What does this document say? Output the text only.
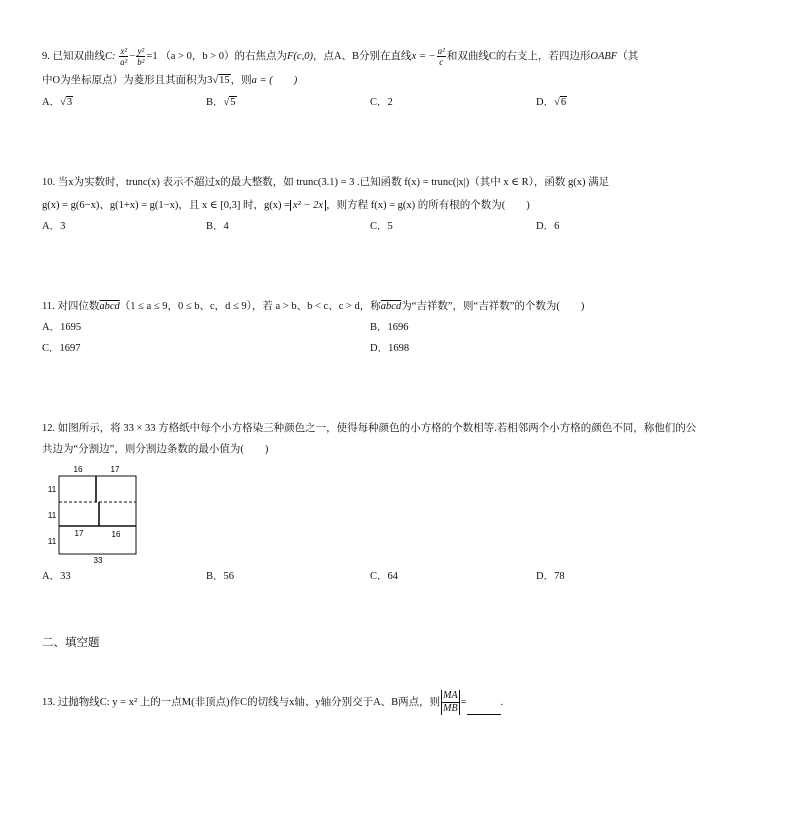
9. 已知双曲线C: $\frac{\text{x²}}{\text{a²}} - \frac{\text{y²}}{\text{b²}} =1$ （a > 0，b > 0）的右焦点为F(c,0)，点A、B分别在直线x = − $\frac{\text{a²}}{c}$ 和双曲线C的右支上，若四边形OABF（其
中O为坐标原点）为菱形且其面积为3√15，则a = (　　)
A．√3	B．√5	C．2	D．√6
10. 当x为实数时，trunc(x) 表示不超过x的最大整数，如 trunc(3.1) = 3 .已知函数 f(x) = trunc(|x|)（其中 x ∈ R），函数 g(x) 满足
g(x) = g(6−x)、g(1+x) = g(1−x)，且 x ∈ [0,3] 时，g(x) = x² − 2x ，则方程 f(x) = g(x) 的所有根的个数为(　　)
A．3	B．4	C．5	D．6
11. 对四位数abcd（1 ≤ a ≤ 9，0 ≤ b、c，d ≤ 9），若 a > b、b < c、c > d，称abcd为“吉祥数”，则“吉祥数”的个数为(　　)
A．1695	B．1696
C．1697	D．1698
12. 如图所示，将 33 × 33 方格纸中每个小方格染三种颜色之一，使得每种颜色的小方格的个数相等.若相邻两个小方格的颜色不同，称他们的公
共边为“分割边”，则分割边条数的最小值为(　　)
16	17
11
11
11
17	16
33
A．33	B．56	C．64	D．78
二、填空题
13. 过抛物线C: y = x² 上的一点M(非顶点)作C的切线与x轴、y轴分别交于A、B两点，则 $\frac{MA}{MB}$ =	.
